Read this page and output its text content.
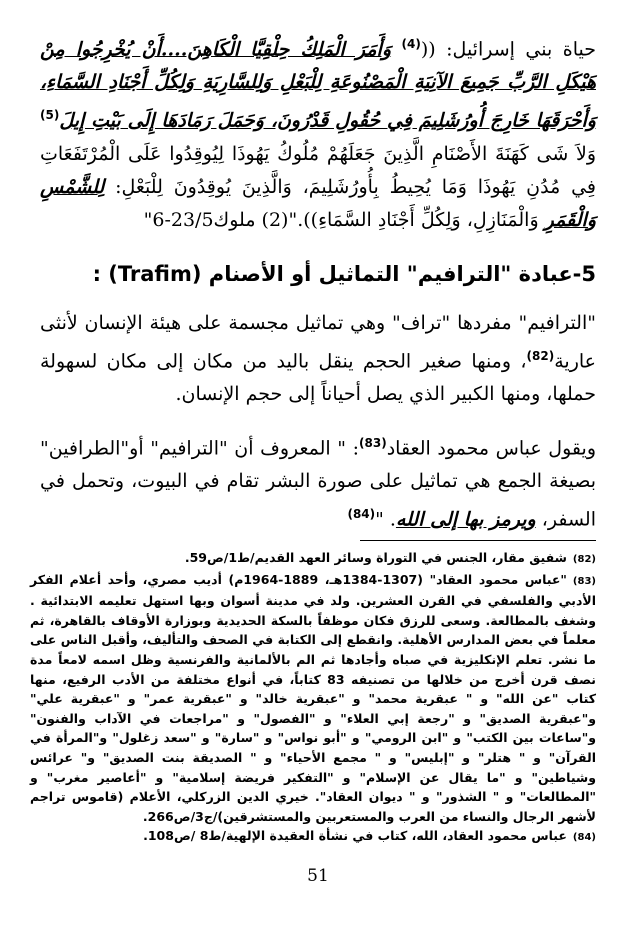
حياة بني إسرائيل: (($^{(4)}$ وَأَمَرَ الْمَلِكُ حِلْقِيَّا الْكَاهِنَ....أَنْ يُخْرِجُوا مِنْ هَيْكَلِ الرَّبِّ جَمِيعَ الآنِيَةِ الْمَصْنُوعَةِ لِلْبَعْلِ وَلِلسَّارِيَةِ وَلِكُلِّ أَجْنَادِ السَّمَاءِ، وَأَحْرَقَهَا خَارِجَ أُورُشَلِيمَ فِي حُقُولِ قَدْرُونَ، وَحَمَلَ رَمَادَهَا إِلَى بَيْتِ إِيلَ$^{(5)}$ وَلاَ شَى كَهَنَةَ الأَصْنَامِ الَّذِينَ جَعَلَهُمْ مُلُوكُ يَهُوذَا لِيُوقِدُوا عَلَى الْمُرْتَفَعَاتِ فِي مُدُنِ يَهُوذَا وَمَا يُحِيطُ بِأُورُشَلِيمَ، وَالَّذِينَ يُوقِدُونَ لِلْبَعْلِ: لِلشَّمْسِ وَالْقَمَرِ وَالْمَنَازِلِ، وَلِكُلِّ أَجْنَادِ السَّمَاءِ))."(2) ملوك23/5-6"

5-عبادة "الترافيم" التماثيل أو الأصنام (Trafim) :

"الترافيم" مفردها "تراف" وهي تماثيل مجسمة على هيئة الإنسان لأنثى عارية$^{(82)}$، ومنها صغير الحجم ينقل باليد من مكان إلى مكان لسهولة حملها، ومنها الكبير الذي يصل أحياناً إلى حجم الإنسان.

ويقول عباس محمود العقاد$^{(83)}$: " المعروف أن "الترافيم" أو"الطرافين" بصيغة الجمع هي تماثيل على صورة البشر تقام في البيوت، وتحمل في السفر، ويرمز بها إلى الله. "$^{(84)}$

(82)شفيق مقار، الجنس في التوراة وسائر العهد القديم/ط1/ص59.

(83)"عباس محمود العقاد" (1307-1384هـ، 1889-1964م) أديب مصري، وأحد أعلام الفكر الأدبي والفلسفي في القرن العشرين. ولد في مدينة أسوان وبها استهل تعليمه الابتدائية . وشغف بالمطالعة. وسعى للرزق فكان موظفاً بالسكة الحديدية وبوزارة الأوقاف بالقاهرة، ثم معلماً في بعض المدارس الأهلية. وانقطع إلى الكتابة في الصحف والتأليف، وأقبل الناس على ما نشر. تعلم الإنكليزية في صباه وأجادها ثم الم بالألمانية والفرنسية وظل اسمه لامعاً مدة نصف قرن أخرج من خلالها من تصنيفه 83 كتاباً، في أنواع مختلفة من الأدب الرفيع، منها كتاب "عن الله" و " عبقرية محمد" و "عبقرية خالد" و "عبقرية عمر" و "عبقرية علي" و"عبقرية الصديق" و "رجعة إبي العلاء" و "الفصول" و "مراجعات في الآداب والفنون" و"ساعات بين الكتب" و "ابن الرومي" و "أبو نواس" و "سارة" و "سعد زغلول" و"المرأة في القرآن" و " هتلر" و "إبليس" و " مجمع الأحياء" و " الصديقة بنت الصديق" و" عرائس وشياطين" و "ما يقال عن الإسلام" و "التفكير فريضة إسلامية" و "أعاصير مغرب" و "المطالعات" و " الشذور" و " ديوان العقاد". خيري الدين الزركلي، الأعلام (قاموس تراجم لأشهر الرجال والنساء من العرب والمستعربين والمستشرقين)/ج3/ص266.

(84)عباس محمود العقاد، الله، كتاب في نشأة العقيدة الإلهية/ط8 /ص108.

51
